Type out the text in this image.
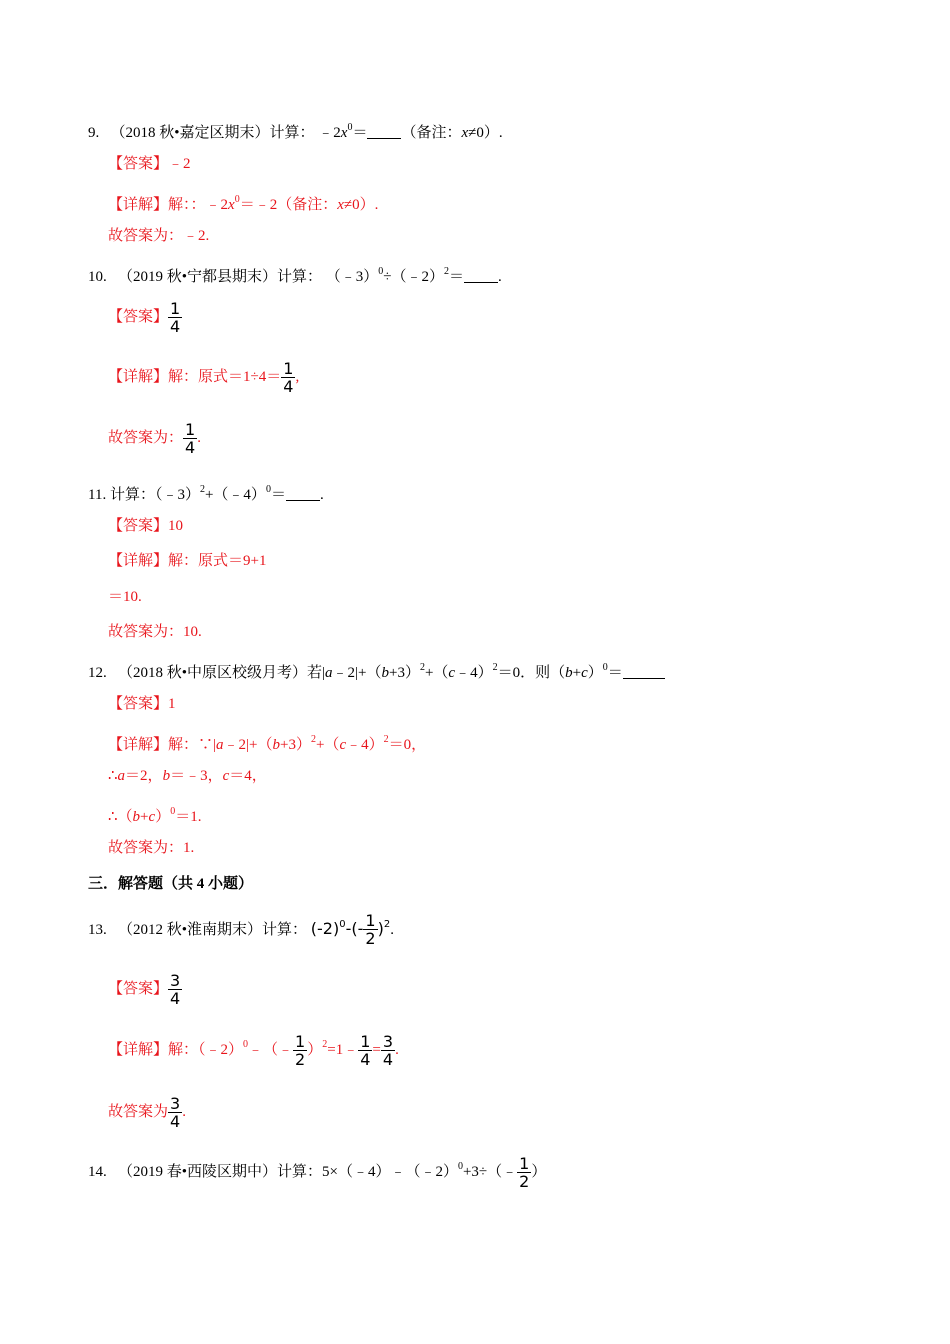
9. （2018 秋•嘉定区期末）计算： $﹣2x^0=$ （备注：x≠0）.
【答案】﹣2
【详解】解：：$﹣2x^0=﹣2$（备注：x≠0）.
故答案为：﹣2.
10. （2019 秋•宁都县期末）计算： （﹣3）$^0$÷（﹣2）$^2$＝ .
【答案】 $\frac{1}{4}$
【详解】解：原式$=1\div 4= \frac{1}{4}$ ,
故答案为： $\frac{1}{4}$ .
11. 计算：（﹣3）$^2$+（﹣4）$^0$＝ .
【答案】10
【详解】解：原式＝9+1
＝10.
故答案为：10.
12. （2018 秋•中原区校级月考）若$|a﹣2|+(b+3)^2+(c﹣4)^2=0$．则$(b+c)^0=$
【答案】1
【详解】解：$\because|a﹣2|+(b+3)^2+(c﹣4)^2=0$，
∴a＝2，b＝﹣3，c＝4，
$\therefore(b+c)^0=1$.
故答案为：1.
三．解答题（共 4 小题）
13. （2012 秋•淮南期末）计算： $(-2)^0-(- \frac{1}{2} )^2$.
【答案】 $\frac{3}{4}$
【详解】解：（﹣2）$^0$﹣（﹣ $\frac{1}{2}$ ）$^2$=1﹣ $\frac{1}{4} = \frac{3}{4}$ .
故答案为 $\frac{3}{4}$ .
14. （2019 春•西陵区期中）计算：5×（﹣4）﹣（﹣2）$^0$+3÷（﹣ $\frac{1}{2}$ ）
